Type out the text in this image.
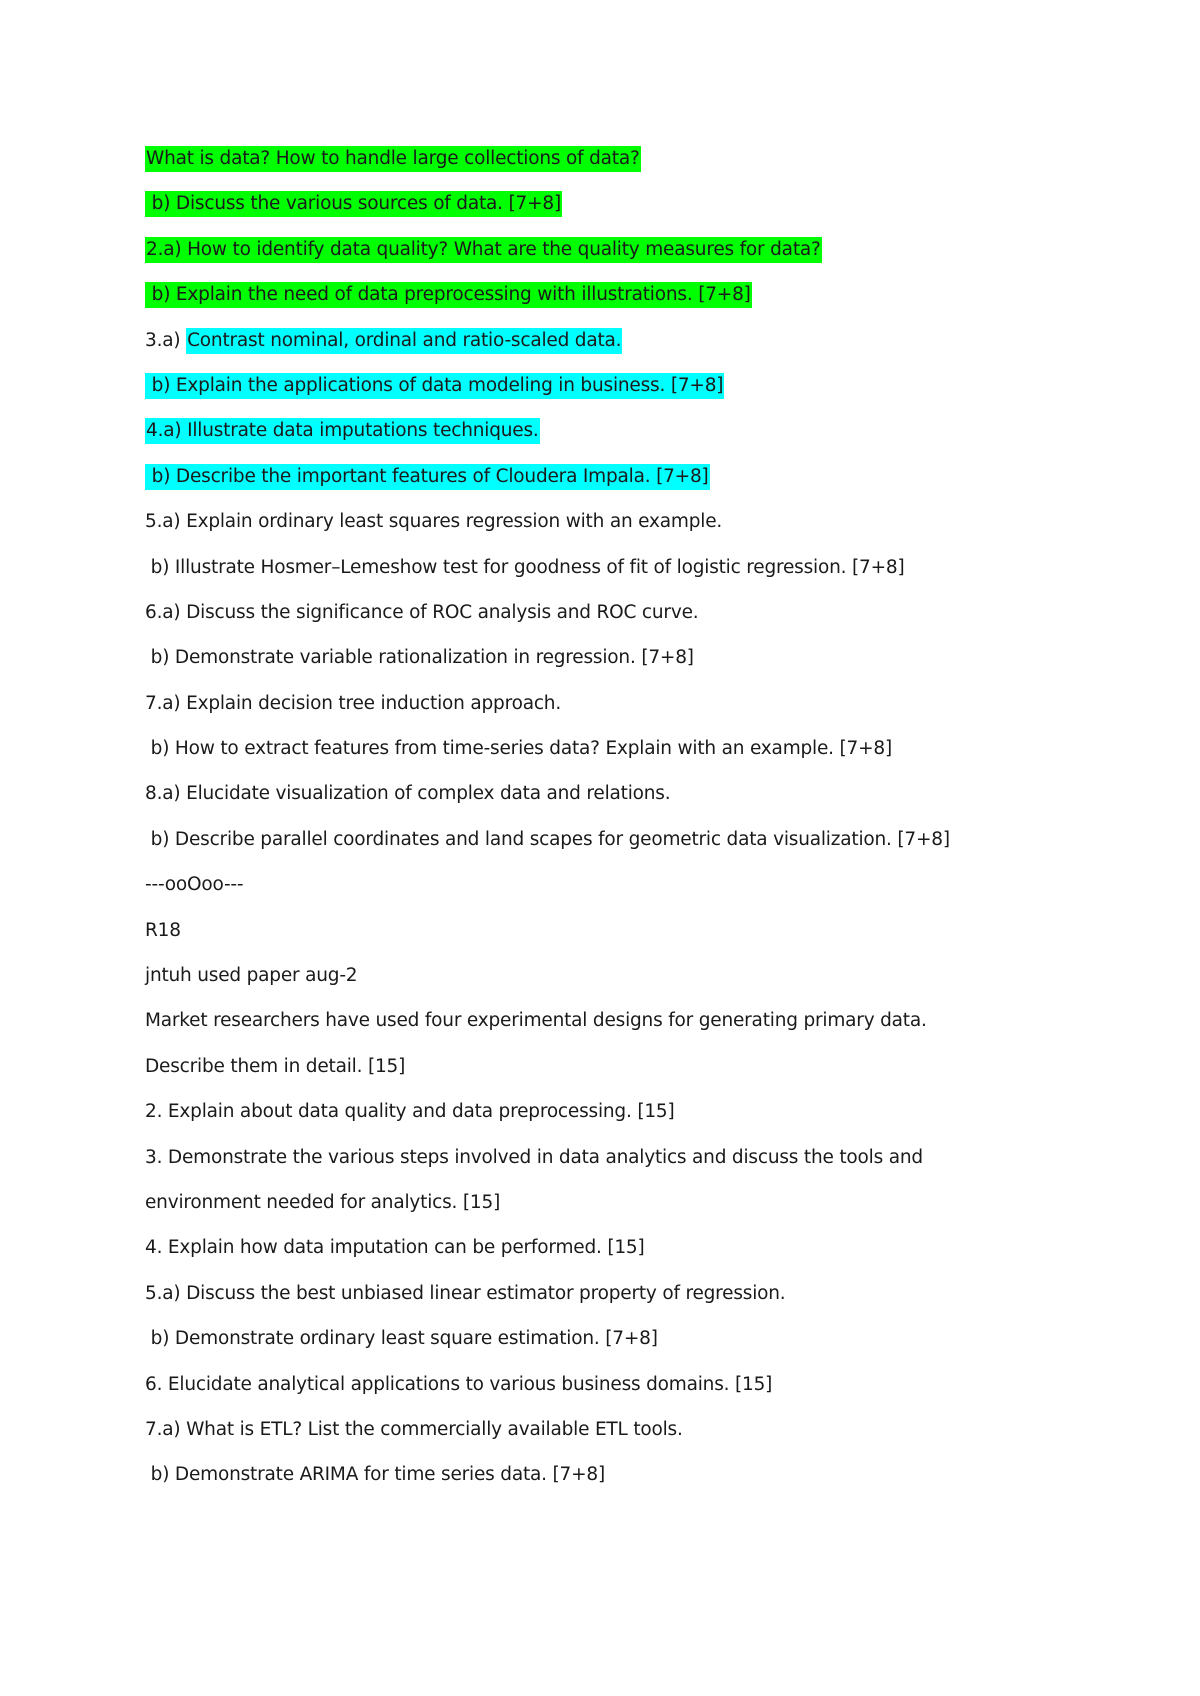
What is data? How to handle large collections of data?
b) Discuss the various sources of data. [7+8]
2.a) How to identify data quality? What are the quality measures for data?
b) Explain the need of data preprocessing with illustrations. [7+8]
3.a) Contrast nominal, ordinal and ratio-scaled data.
b) Explain the applications of data modeling in business. [7+8]
4.a) Illustrate data imputations techniques.
b) Describe the important features of Cloudera Impala. [7+8]
5.a) Explain ordinary least squares regression with an example.
b) Illustrate Hosmer–Lemeshow test for goodness of fit of logistic regression. [7+8]
6.a) Discuss the significance of ROC analysis and ROC curve.
b) Demonstrate variable rationalization in regression. [7+8]
7.a) Explain decision tree induction approach.
b) How to extract features from time-series data? Explain with an example. [7+8]
8.a) Elucidate visualization of complex data and relations.
b) Describe parallel coordinates and land scapes for geometric data visualization. [7+8]
---ooOoo---
R18
jntuh used paper aug-2
Market researchers have used four experimental designs for generating primary data.
Describe them in detail. [15]
2. Explain about data quality and data preprocessing. [15]
3. Demonstrate the various steps involved in data analytics and discuss the tools and
environment needed for analytics. [15]
4. Explain how data imputation can be performed. [15]
5.a) Discuss the best unbiased linear estimator property of regression.
b) Demonstrate ordinary least square estimation. [7+8]
6. Elucidate analytical applications to various business domains. [15]
7.a) What is ETL? List the commercially available ETL tools.
b) Demonstrate ARIMA for time series data. [7+8]
